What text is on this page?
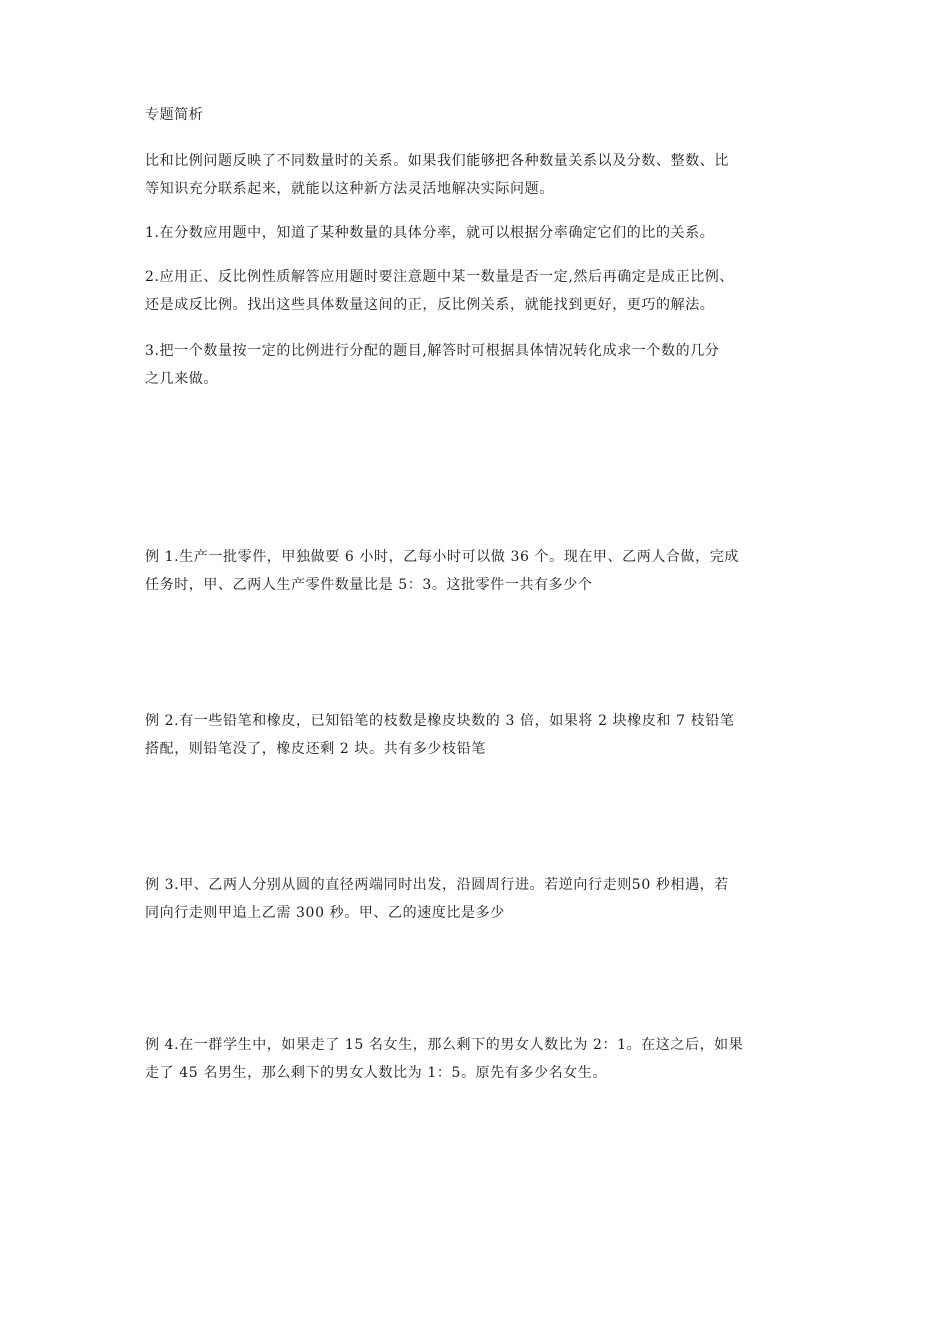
专题简析

比和比例问题反映了不同数量时的关系。如果我们能够把各种数量关系以及分数、整数、比
等知识充分联系起来，就能以这种新方法灵活地解决实际问题。

1.在分数应用题中，知道了某种数量的具体分率，就可以根据分率确定它们的比的关系。

2.应用正、反比例性质解答应用题时要注意题中某一数量是否一定,然后再确定是成正比例、
还是成反比例。找出这些具体数量这间的正，反比例关系，就能找到更好，更巧的解法。

3.把一个数量按一定的比例进行分配的题目,解答时可根据具体情况转化成求一个数的几分
之几来做。

例 1.生产一批零件，甲独做要 6 小时，乙每小时可以做 36 个。现在甲、乙两人合做，完成
任务时，甲、乙两人生产零件数量比是 5：3。这批零件一共有多少个

例 2.有一些铅笔和橡皮，已知铅笔的枝数是橡皮块数的 3 倍，如果将 2 块橡皮和 7 枝铅笔
搭配，则铅笔没了，橡皮还剩 2 块。共有多少枝铅笔

例 3.甲、乙两人分别从圆的直径两端同时出发，沿圆周行进。若逆向行走则50 秒相遇，若
同向行走则甲追上乙需 300 秒。甲、乙的速度比是多少

例 4.在一群学生中，如果走了 15 名女生，那么剩下的男女人数比为 2：1。在这之后，如果
走了 45 名男生，那么剩下的男女人数比为 1：5。原先有多少名女生。
